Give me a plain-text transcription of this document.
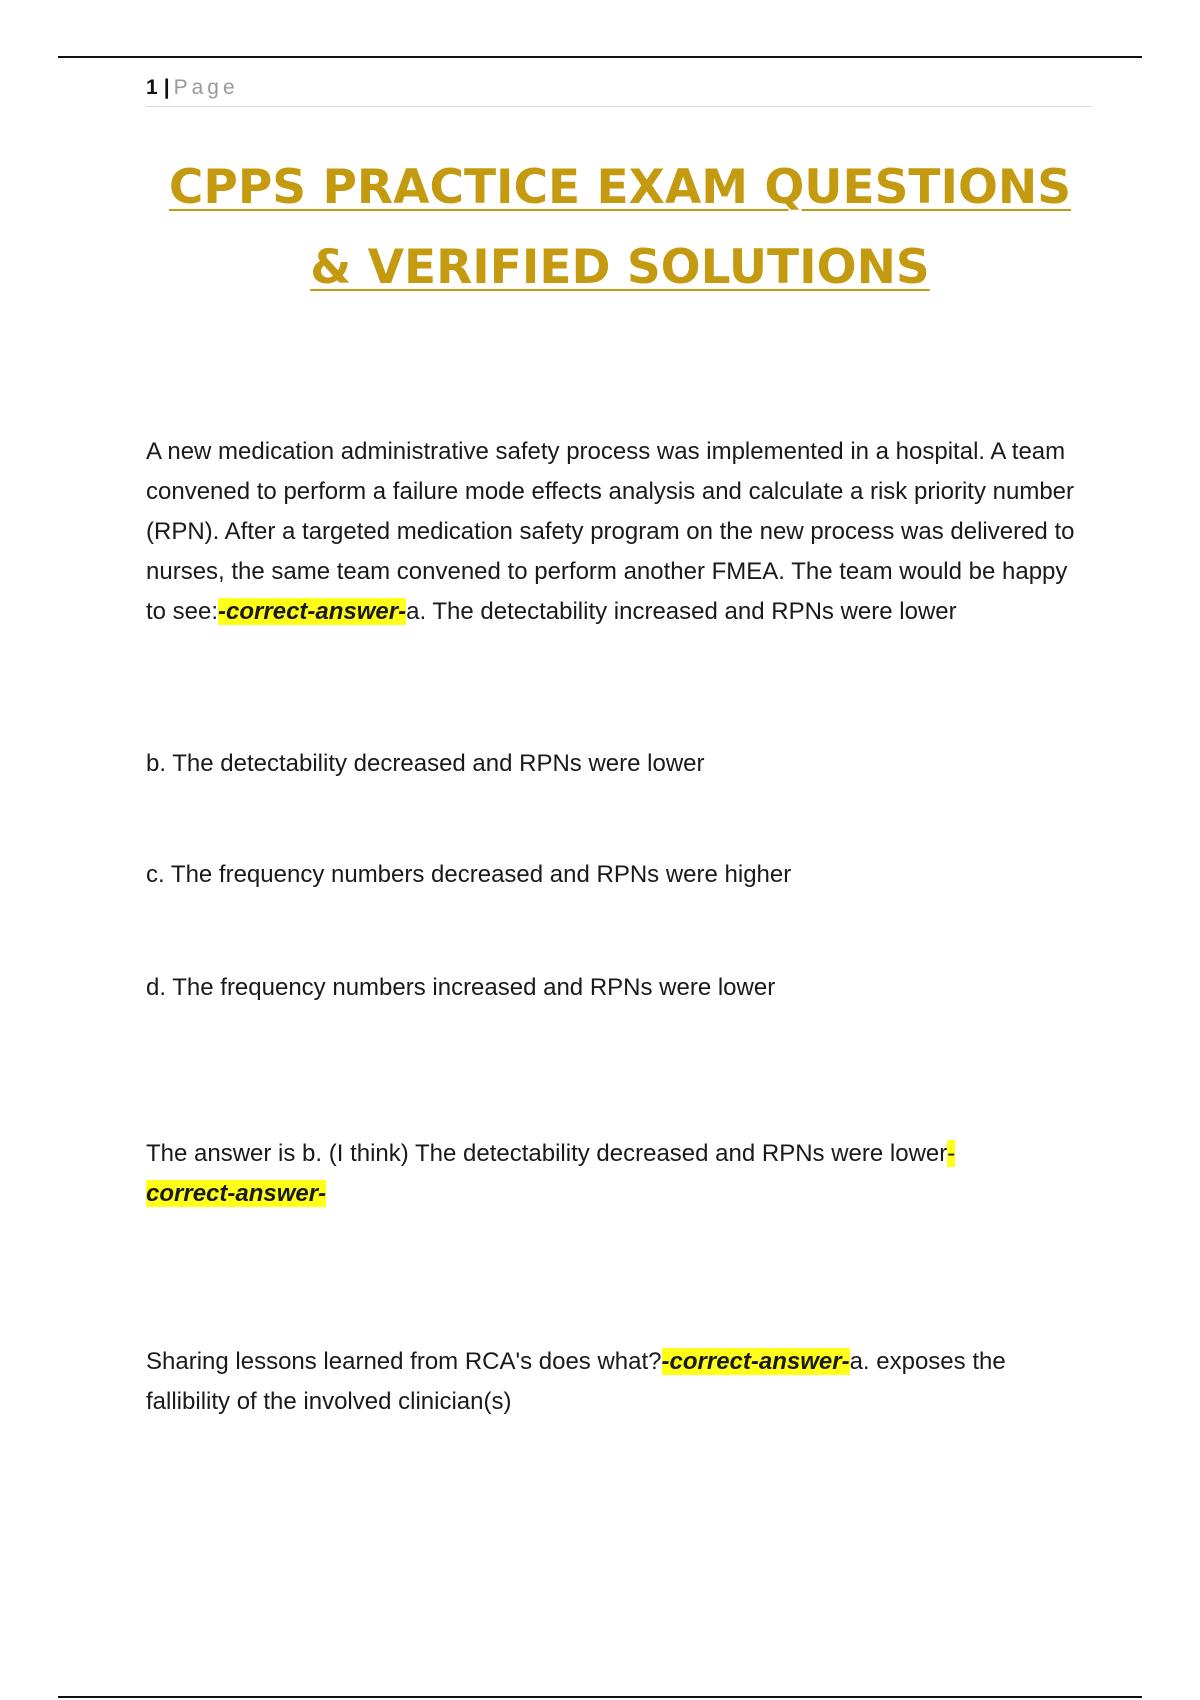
1 | Page
CPPS PRACTICE EXAM QUESTIONS
& VERIFIED SOLUTIONS

A new medication administrative safety process was implemented in a hospital. A team convened to perform a failure mode effects analysis and calculate a risk priority number (RPN). After a targeted medication safety program on the new process was delivered to nurses, the same team convened to perform another FMEA. The team would be happy to see:-correct-answer-a. The detectability increased and RPNs were lower

b. The detectability decreased and RPNs were lower

c. The frequency numbers decreased and RPNs were higher

d. The frequency numbers increased and RPNs were lower

The answer is b. (I think) The detectability decreased and RPNs were lower-
correct-answer-

Sharing lessons learned from RCA's does what?-correct-answer-a. exposes the fallibility of the involved clinician(s)
